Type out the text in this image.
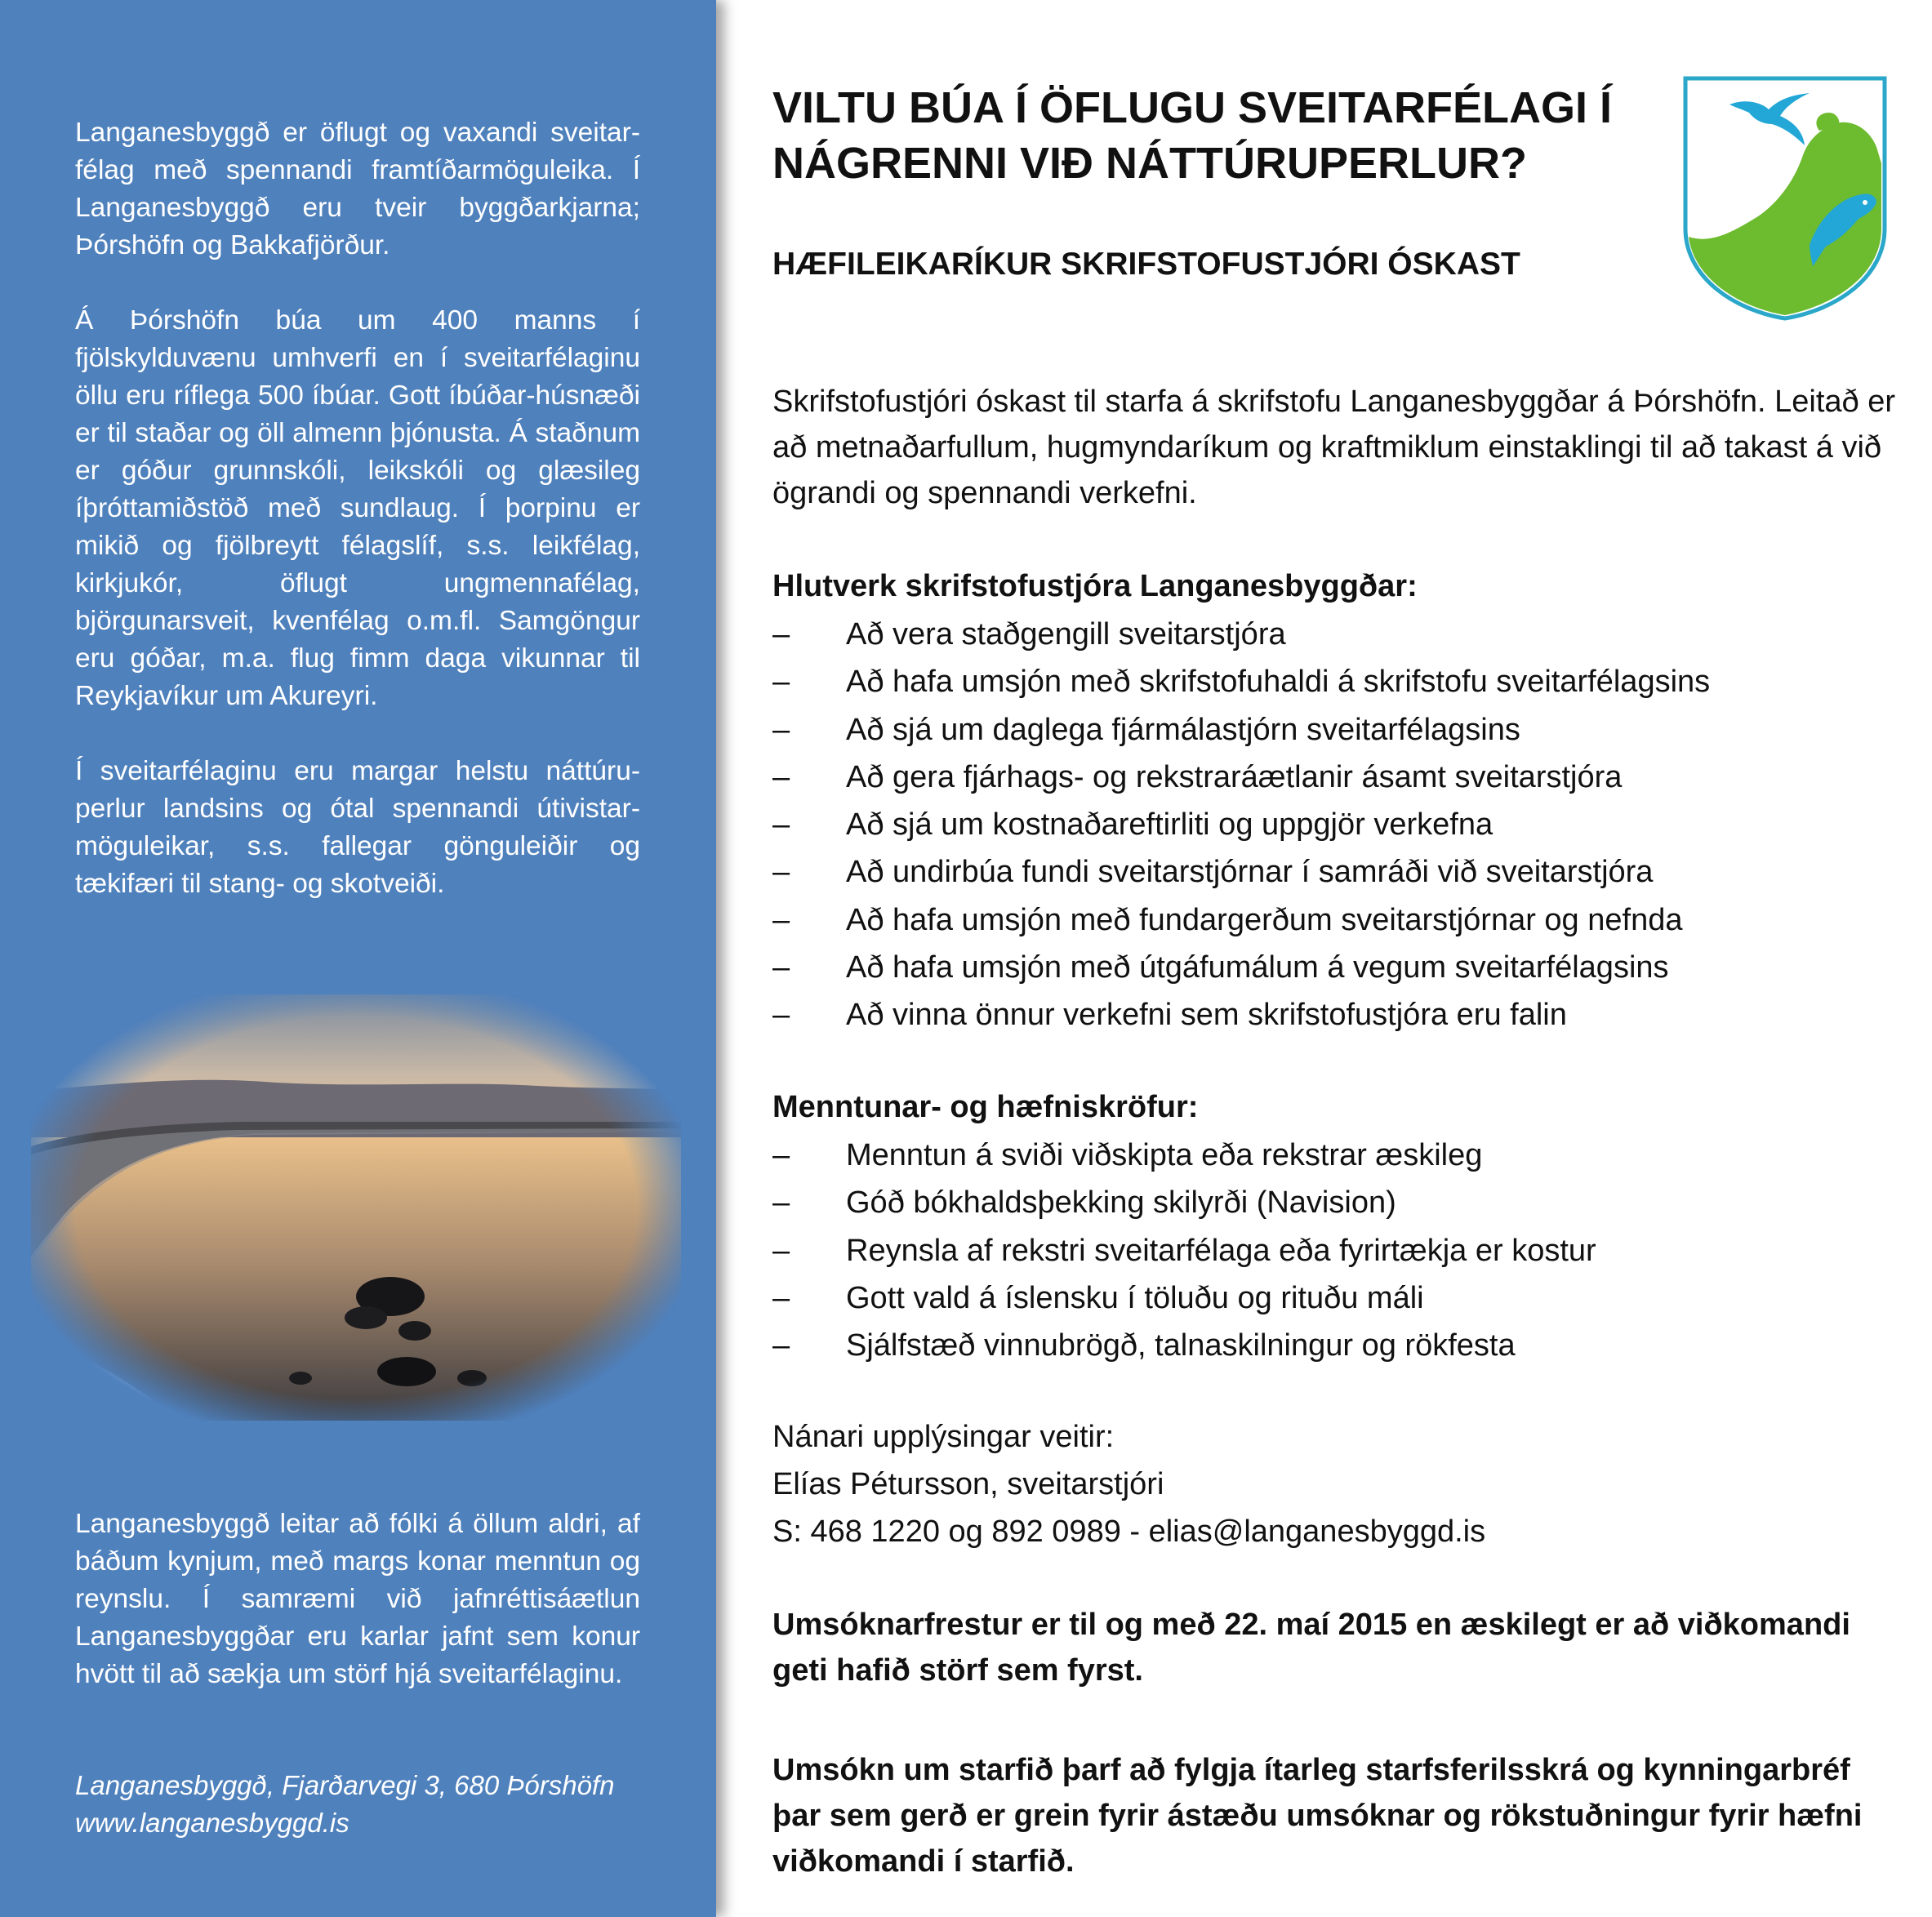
Langanesbyggð er öflugt og vaxandi sveitar-félag með spennandi framtíðarmöguleika. Í Langanesbyggð eru tveir byggðarkjarna; Þórshöfn og Bakkafjörður.

Á Þórshöfn búa um 400 manns í fjölskylduvænu umhverfi en í sveitarfélaginu öllu eru ríflega 500 íbúar. Gott íbúðar-húsnæði er til staðar og öll almenn þjónusta. Á staðnum er góður grunnskóli, leikskóli og glæsileg íþróttamiðstöð með sundlaug. Í þorpinu er mikið og fjölbreytt félagslíf, s.s. leikfélag, kirkjukór, öflugt ungmennafélag, björgunarsveit, kvenfélag o.m.fl. Samgöngur eru góðar, m.a. flug fimm daga vikunnar til Reykjavíkur um Akureyri.

Í sveitarfélaginu eru margar helstu náttúru-perlur landsins og ótal spennandi útivistar-möguleikar, s.s. fallegar gönguleiðir og tækifæri til stang- og skotveiði.

Langanesbyggð leitar að fólki á öllum aldri, af báðum kynjum, með margs konar menntun og reynslu. Í samræmi við jafnréttisáætlun Langanesbyggðar eru karlar jafnt sem konur hvött til að sækja um störf hjá sveitarfélaginu.

Langanesbyggð, Fjarðarvegi 3, 680 Þórshöfn
www.langanesbyggd.is
VILTU BÚA Í ÖFLUGU SVEITARFÉLAGI Í
NÁGRENNI VIÐ NÁTTÚRUPERLUR?
HÆFILEIKARÍKUR SKRIFSTOFUSTJÓRI ÓSKAST

Skrifstofustjóri óskast til starfa á skrifstofu Langanesbyggðar á Þórshöfn. Leitað er að metnaðarfullum, hugmyndaríkum og kraftmiklum einstaklingi til að takast á við ögrandi og spennandi verkefni.

Hlutverk skrifstofustjóra Langanesbyggðar:

– Að vera staðgengill sveitarstjóra
– Að hafa umsjón með skrifstofuhaldi á skrifstofu sveitarfélagsins
– Að sjá um daglega fjármálastjórn sveitarfélagsins
– Að gera fjárhags- og rekstraráætlanir ásamt sveitarstjóra
– Að sjá um kostnaðareftirliti og uppgjör verkefna
– Að undirbúa fundi sveitarstjórnar í samráði við sveitarstjóra
– Að hafa umsjón með fundargerðum sveitarstjórnar og nefnda
– Að hafa umsjón með útgáfumálum á vegum sveitarfélagsins
– Að vinna önnur verkefni sem skrifstofustjóra eru falin

Menntunar- og hæfniskröfur:

– Menntun á sviði viðskipta eða rekstrar æskileg
– Góð bókhaldsþekking skilyrði (Navision)
– Reynsla af rekstri sveitarfélaga eða fyrirtækja er kostur
– Gott vald á íslensku í töluðu og rituðu máli
– Sjálfstæð vinnubrögð, talnaskilningur og rökfesta

Nánari upplýsingar veitir:

Elías Pétursson, sveitarstjóri

S: 468 1220 og 892 0989 - elias@langanesbyggd.is

Umsóknarfrestur er til og með 22. maí 2015 en æskilegt er að viðkomandi geti hafið störf sem fyrst.

Umsókn um starfið þarf að fylgja ítarleg starfsferilsskrá og kynningarbréf þar sem gerð er grein fyrir ástæðu umsóknar og rökstuðningur fyrir hæfni viðkomandi í starfið.
